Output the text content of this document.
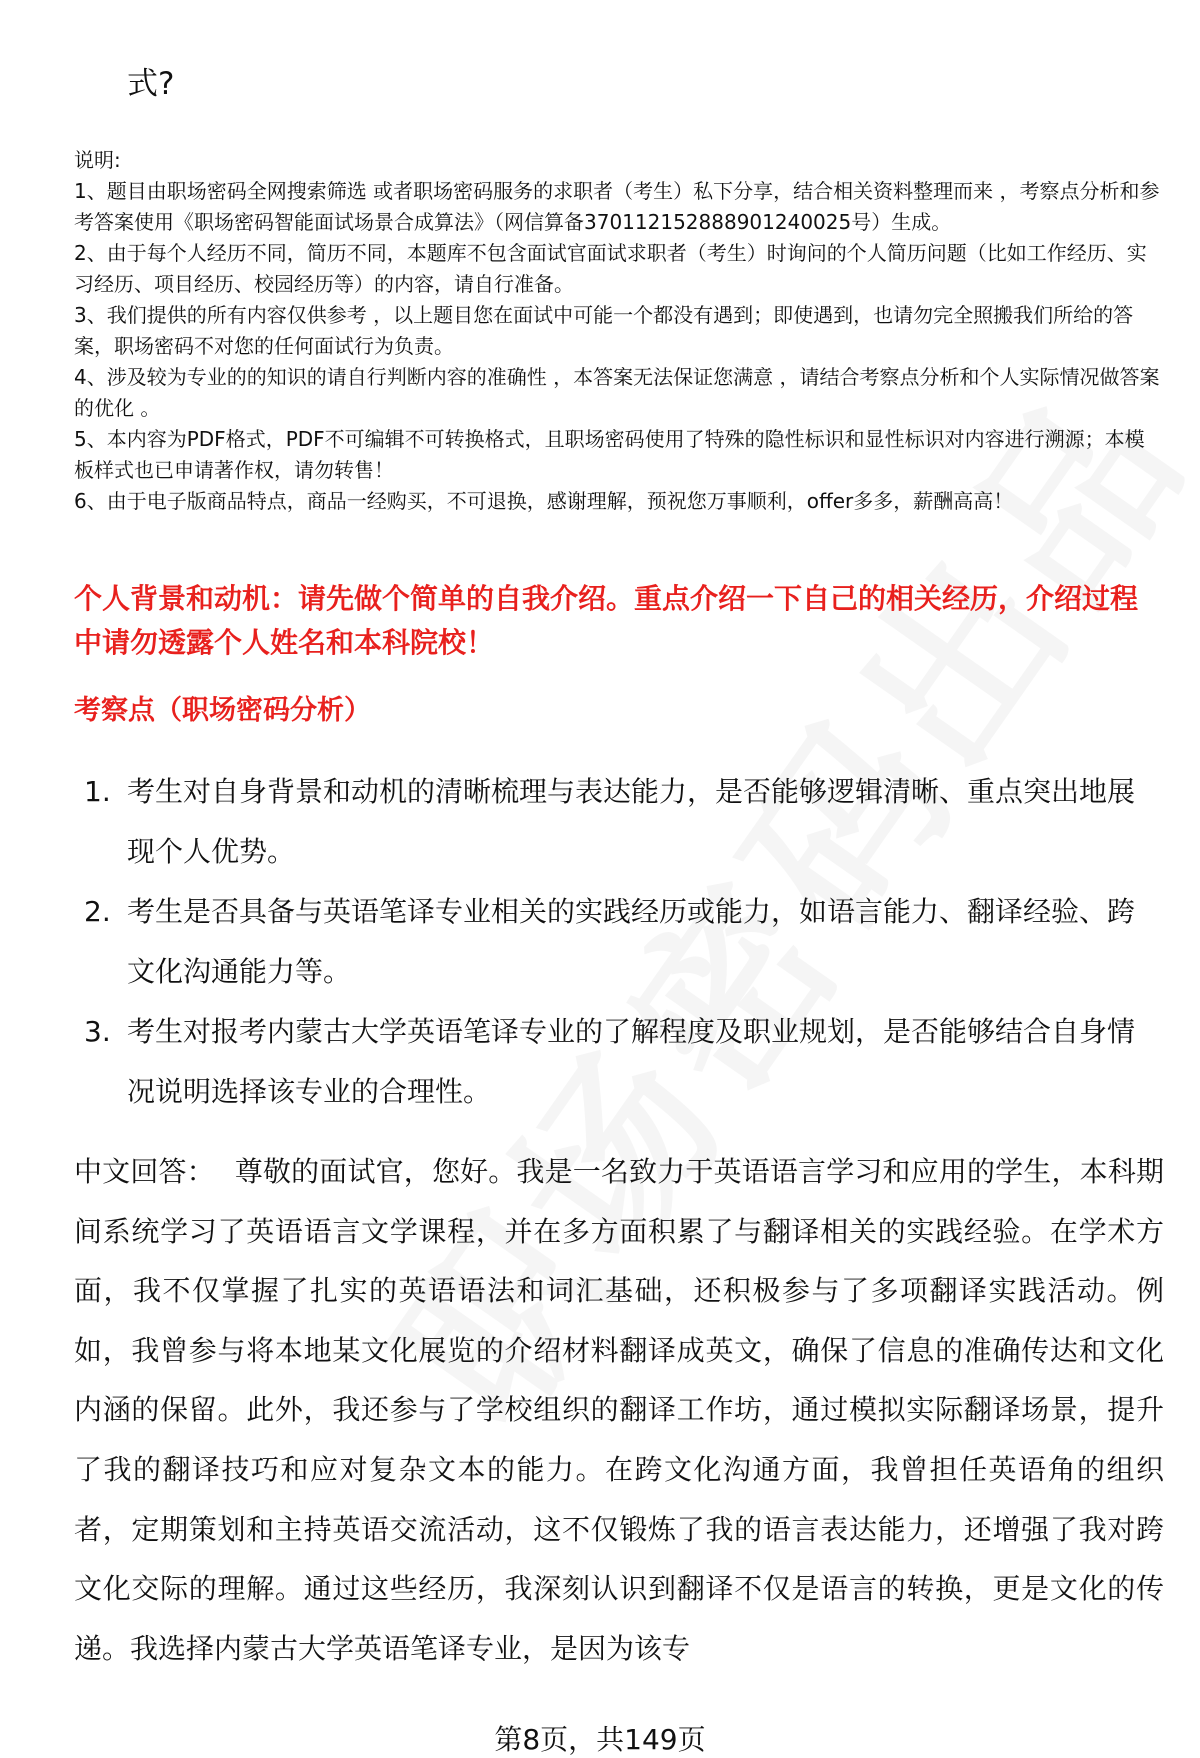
式?

说明:

1、题目由职场密码全网搜索筛选 或者职场密码服务的求职者（考生）私下分享，结合相关资料整理而来 ，考察点分析和参考答案使用《职场密码智能面试场景合成算法》（网信算备370112152888901240025号）生成。

2、由于每个人经历不同，简历不同，本题库不包含面试官面试求职者（考生）时询问的个人简历问题（比如工作经历、实习经历、项目经历、校园经历等）的内容，请自行准备。

3、我们提供的所有内容仅供参考 ，以上题目您在面试中可能一个都没有遇到；即使遇到，也请勿完全照搬我们所给的答案，职场密码不对您的任何面试行为负责。

4、涉及较为专业的的知识的请自行判断内容的准确性 ，本答案无法保证您满意 ，请结合考察点分析和个人实际情况做答案的优化 。

5、本内容为PDF格式，PDF不可编辑不可转换格式，且职场密码使用了特殊的隐性标识和显性标识对内容进行溯源；本模板样式也已申请著作权，请勿转售！

6、由于电子版商品特点，商品一经购买，不可退换，感谢理解，预祝您万事顺利，offer多多，薪酬高高！

个人背景和动机：请先做个简单的自我介绍。重点介绍一下自己的相关经历，介绍过程中请勿透露个人姓名和本科院校！
考察点（职场密码分析）
1. 考生对自身背景和动机的清晰梳理与表达能力，是否能够逻辑清晰、重点突出地展现个人优势。
2. 考生是否具备与英语笔译专业相关的实践经历或能力，如语言能力、翻译经验、跨文化沟通能力等。
3. 考生对报考内蒙古大学英语笔译专业的了解程度及职业规划，是否能够结合自身情况说明选择该专业的合理性。
中文回答： 尊敬的面试官，您好。我是一名致力于英语语言学习和应用的学生，本科期间系统学习了英语语言文学课程，并在多方面积累了与翻译相关的实践经验。在学术方面，我不仅掌握了扎实的英语语法和词汇基础，还积极参与了多项翻译实践活动。例如，我曾参与将本地某文化展览的介绍材料翻译成英文，确保了信息的准确传达和文化内涵的保留。此外，我还参与了学校组织的翻译工作坊，通过模拟实际翻译场景，提升了我的翻译技巧和应对复杂文本的能力。在跨文化沟通方面，我曾担任英语角的组织者，定期策划和主持英语交流活动，这不仅锻炼了我的语言表达能力，还增强了我对跨文化交际的理解。通过这些经历，我深刻认识到翻译不仅是语言的转换，更是文化的传递。我选择内蒙古大学英语笔译专业，是因为该专
第8页，共149页
